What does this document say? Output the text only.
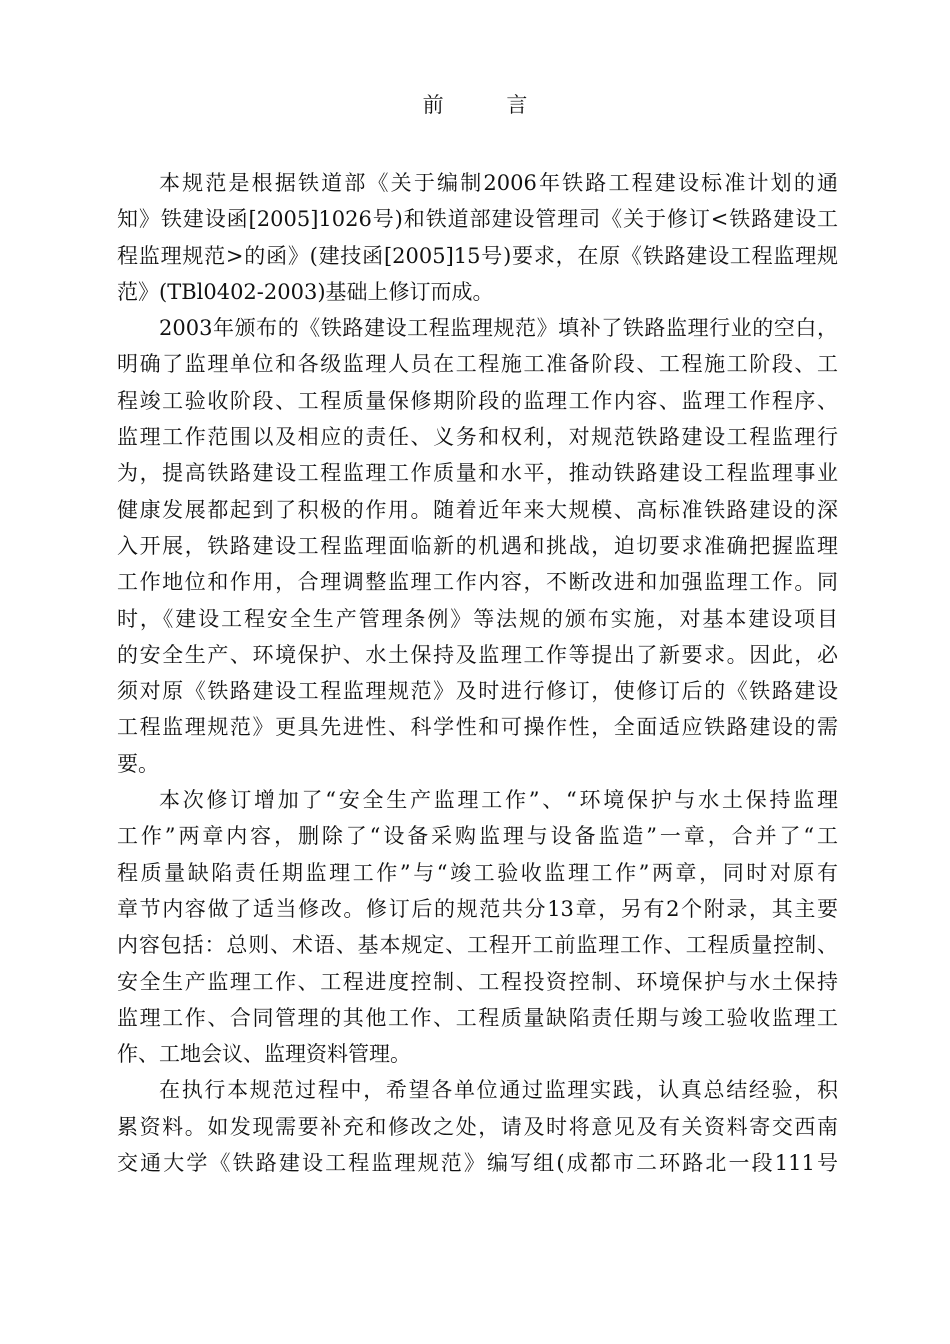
前 言
本规范是根据铁道部《关于编制2006年铁路工程建设标准计划的通
知》铁建设函[2005]1026号)和铁道部建设管理司《关于修订<铁路建设工
程监理规范>的函》(建技函[2005]15号)要求，在原《铁路建设工程监理规
范》(TBl0402-2003)基础上修订而成。
2003年颁布的《铁路建设工程监理规范》填补了铁路监理行业的空白，
明确了监理单位和各级监理人员在工程施工准备阶段、工程施工阶段、工
程竣工验收阶段、工程质量保修期阶段的监理工作内容、监理工作程序、
监理工作范围以及相应的责任、义务和权利，对规范铁路建设工程监理行
为，提高铁路建设工程监理工作质量和水平，推动铁路建设工程监理事业
健康发展都起到了积极的作用。随着近年来大规模、高标准铁路建设的深
入开展，铁路建设工程监理面临新的机遇和挑战，迫切要求准确把握监理
工作地位和作用，合理调整监理工作内容，不断改进和加强监理工作。同
时，《建设工程安全生产管理条例》等法规的颁布实施，对基本建设项目
的安全生产、环境保护、水土保持及监理工作等提出了新要求。因此，必
须对原《铁路建设工程监理规范》及时进行修订，使修订后的《铁路建设
工程监理规范》更具先进性、科学性和可操作性，全面适应铁路建设的需
要。
本次修订增加了“安全生产监理工作”、“环境保护与水土保持监理
工作”两章内容，删除了“设备采购监理与设备监造”一章，合并了“工
程质量缺陷责任期监理工作”与“竣工验收监理工作”两章，同时对原有
章节内容做了适当修改。修订后的规范共分13章，另有2个附录，其主要
内容包括：总则、术语、基本规定、工程开工前监理工作、工程质量控制、
安全生产监理工作、工程进度控制、工程投资控制、环境保护与水土保持
监理工作、合同管理的其他工作、工程质量缺陷责任期与竣工验收监理工
作、工地会议、监理资料管理。
在执行本规范过程中，希望各单位通过监理实践，认真总结经验，积
累资料。如发现需要补充和修改之处，请及时将意见及有关资料寄交西南
交通大学《铁路建设工程监理规范》编写组(成都市二环路北一段111号
